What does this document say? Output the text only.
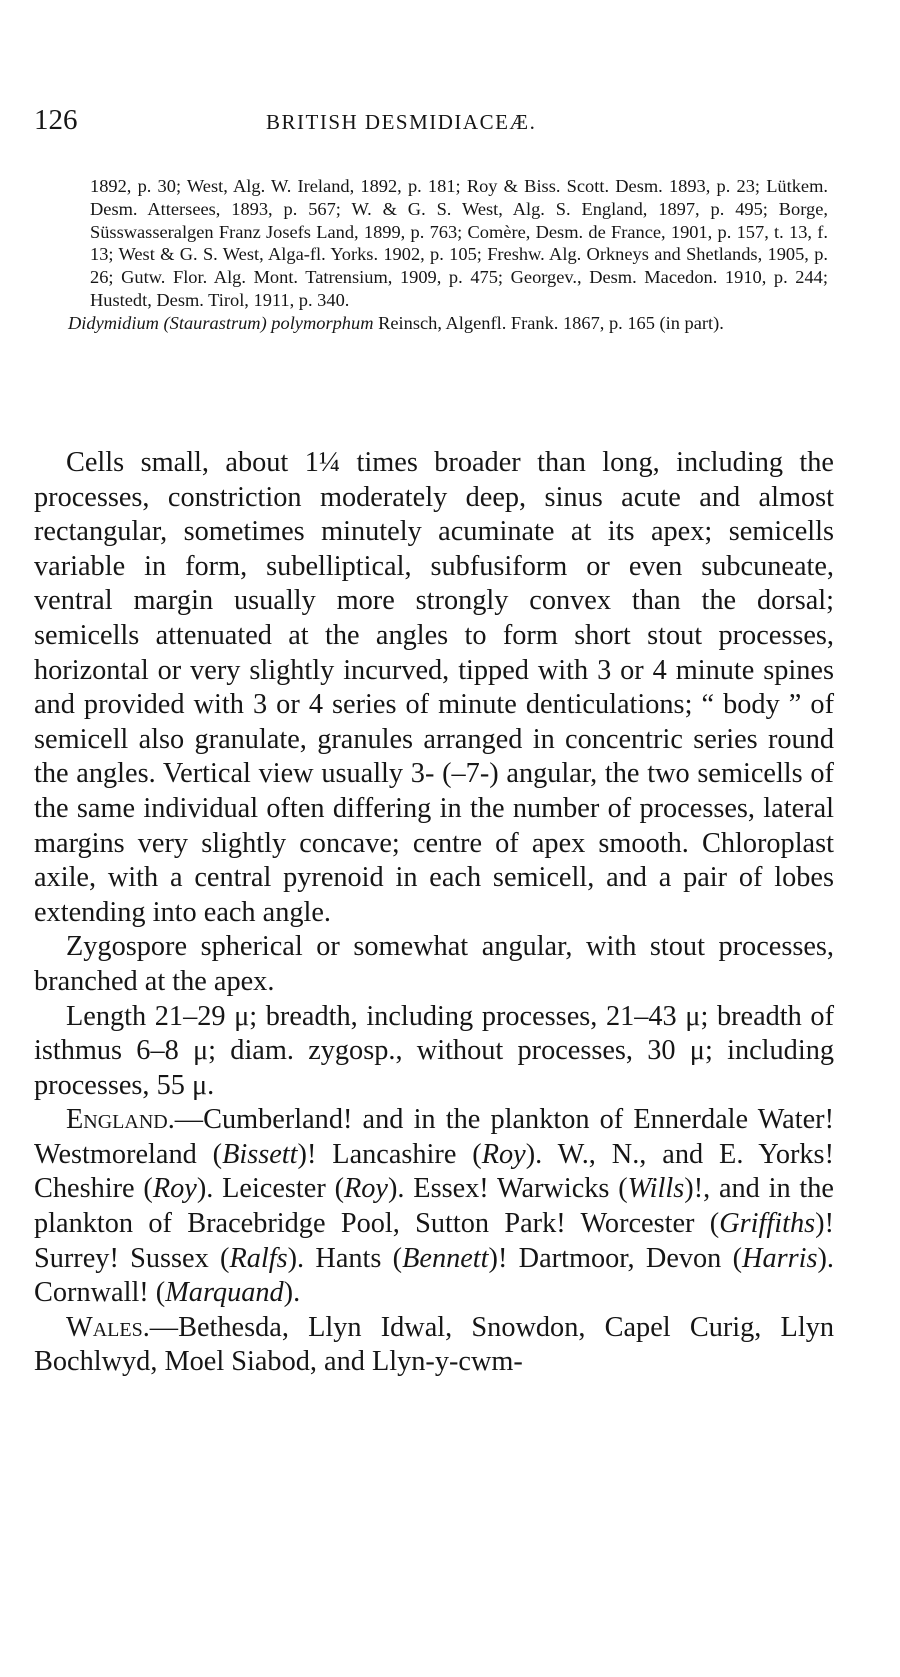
126	BRITISH DESMIDIACEÆ.

1892, p. 30; West, Alg. W. Ireland, 1892, p. 181; Roy & Biss. Scott. Desm. 1893, p. 23; Lütkem. Desm. Attersees, 1893, p. 567; W. & G. S. West, Alg. S. England, 1897, p. 495; Borge, Süsswasseralgen Franz Josefs Land, 1899, p. 763; Comère, Desm. de France, 1901, p. 157, t. 13, f. 13; West & G. S. West, Alga-fl. Yorks. 1902, p. 105; Freshw. Alg. Orkneys and Shetlands, 1905, p. 26; Gutw. Flor. Alg. Mont. Tatrensium, 1909, p. 475; Georgev., Desm. Macedon. 1910, p. 244; Hustedt, Desm. Tirol, 1911, p. 340.

Didymidium (Staurastrum) polymorphum Reinsch, Algenfl. Frank. 1867, p. 165 (in part).

Cells small, about 1¼ times broader than long, including the processes, constriction moderately deep, sinus acute and almost rectangular, sometimes minutely acuminate at its apex; semicells variable in form, subelliptical, subfusiform or even subcuneate, ventral margin usually more strongly convex than the dorsal; semicells attenuated at the angles to form short stout processes, horizontal or very slightly incurved, tipped with 3 or 4 minute spines and provided with 3 or 4 series of minute denticulations; “ body ” of semicell also granulate, granules arranged in concentric series round the angles. Vertical view usually 3- (–7-) angular, the two semicells of the same individual often differing in the number of processes, lateral margins very slightly concave; centre of apex smooth. Chloroplast axile, with a central pyrenoid in each semicell, and a pair of lobes extending into each angle.

Zygospore spherical or somewhat angular, with stout processes, branched at the apex.

Length 21–29 μ; breadth, including processes, 21–43 μ; breadth of isthmus 6–8 μ; diam. zygosp., without processes, 30 μ; including processes, 55 μ.

England.—Cumberland! and in the plankton of Ennerdale Water! Westmoreland (Bissett)! Lancashire (Roy). W., N., and E. Yorks! Cheshire (Roy). Leicester (Roy). Essex! Warwicks (Wills)!, and in the plankton of Bracebridge Pool, Sutton Park! Worcester (Griffiths)! Surrey! Sussex (Ralfs). Hants (Bennett)! Dartmoor, Devon (Harris). Cornwall! (Marquand).

Wales.—Bethesda, Llyn Idwal, Snowdon, Capel Curig, Llyn Bochlwyd, Moel Siabod, and Llyn-y-cwm-
